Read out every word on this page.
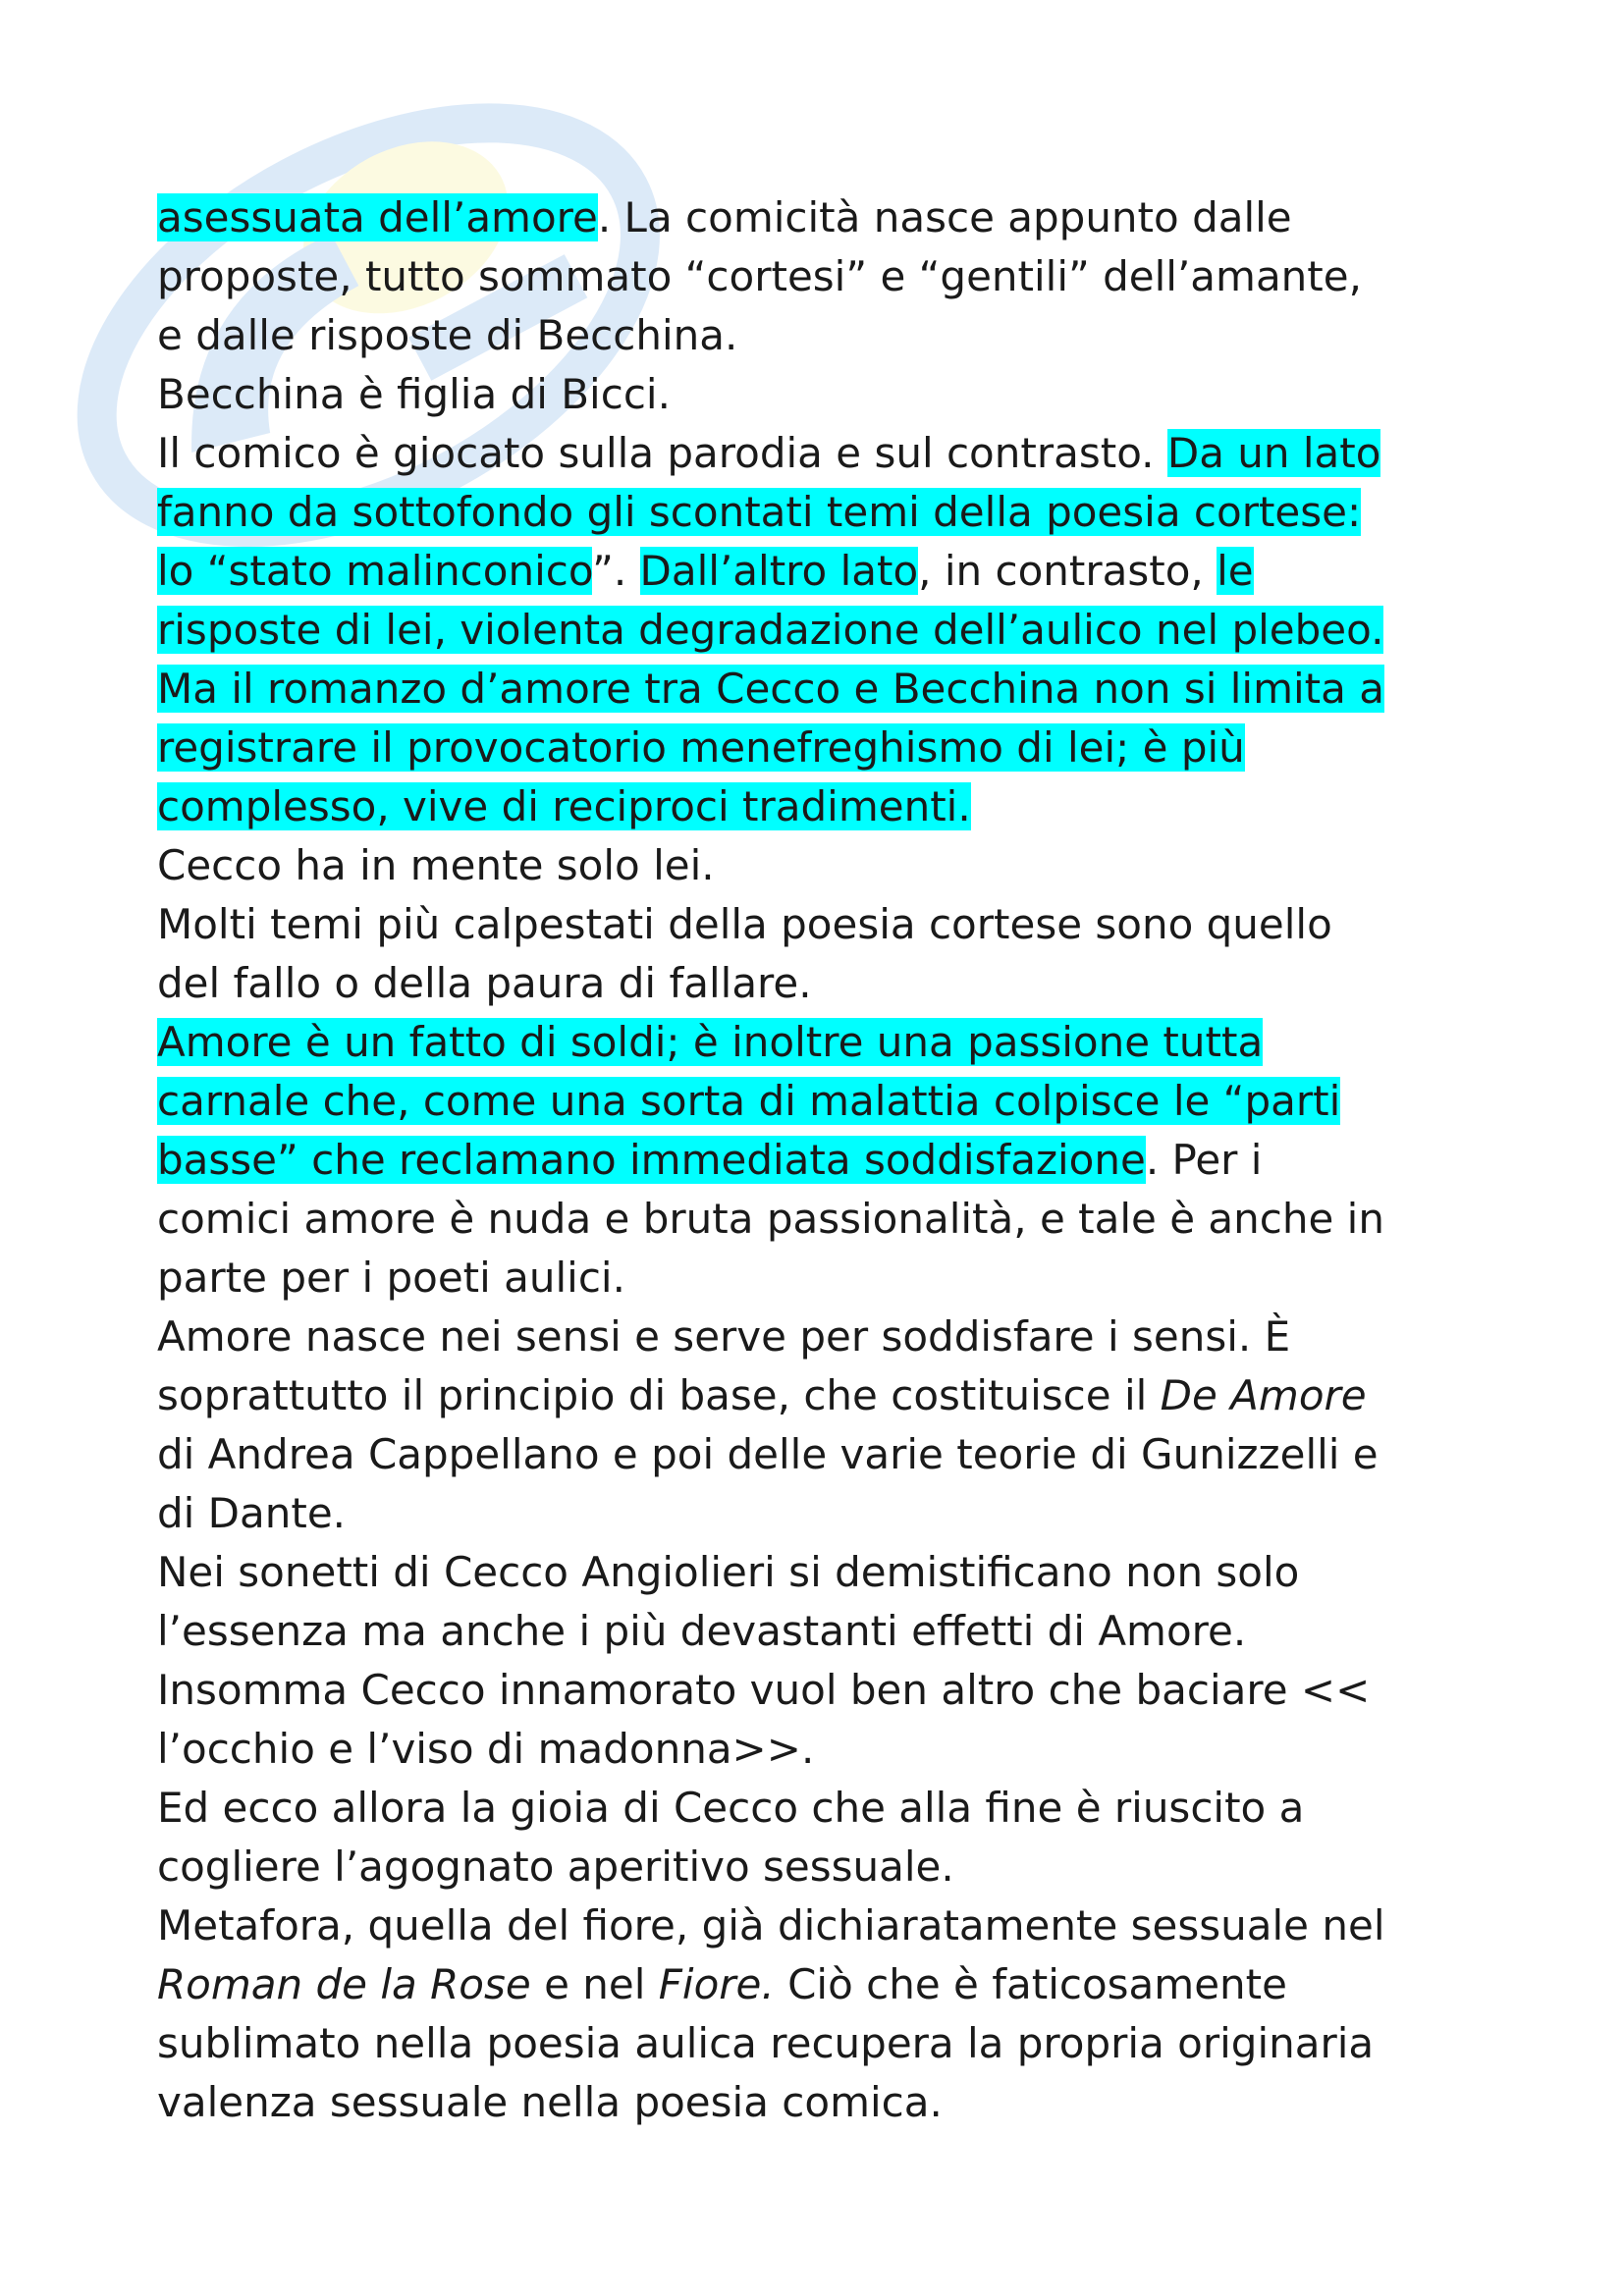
asessuata dell’amore. La comicità nasce appunto dalle
proposte, tutto sommato “cortesi” e “gentili” dell’amante,
e dalle risposte di Becchina.
Becchina è figlia di Bicci.
Il comico è giocato sulla parodia e sul contrasto. Da un lato
fanno da sottofondo gli scontati temi della poesia cortese:
lo “stato malinconico”. Dall’altro lato, in contrasto, le
risposte di lei, violenta degradazione dell’aulico nel plebeo.
Ma il romanzo d’amore tra Cecco e Becchina non si limita a
registrare il provocatorio menefreghismo di lei; è più
complesso, vive di reciproci tradimenti.
Cecco ha in mente solo lei.
Molti temi più calpestati della poesia cortese sono quello
del fallo o della paura di fallare.
Amore è un fatto di soldi; è inoltre una passione tutta
carnale che, come una sorta di malattia colpisce le “parti
basse” che reclamano immediata soddisfazione. Per i
comici amore è nuda e bruta passionalità, e tale è anche in
parte per i poeti aulici.
Amore nasce nei sensi e serve per soddisfare i sensi. È
soprattutto il principio di base, che costituisce il De Amore
di Andrea Cappellano e poi delle varie teorie di Gunizzelli e
di Dante.
Nei sonetti di Cecco Angiolieri si demistificano non solo
l’essenza ma anche i più devastanti effetti di Amore.
Insomma Cecco innamorato vuol ben altro che baciare <<
l’occhio e l’viso di madonna>>.
Ed ecco allora la gioia di Cecco che alla fine è riuscito a
cogliere l’agognato aperitivo sessuale.
Metafora, quella del fiore, già dichiaratamente sessuale nel
Roman de la Rose e nel Fiore. Ciò che è faticosamente
sublimato nella poesia aulica recupera la propria originaria
valenza sessuale nella poesia comica.
